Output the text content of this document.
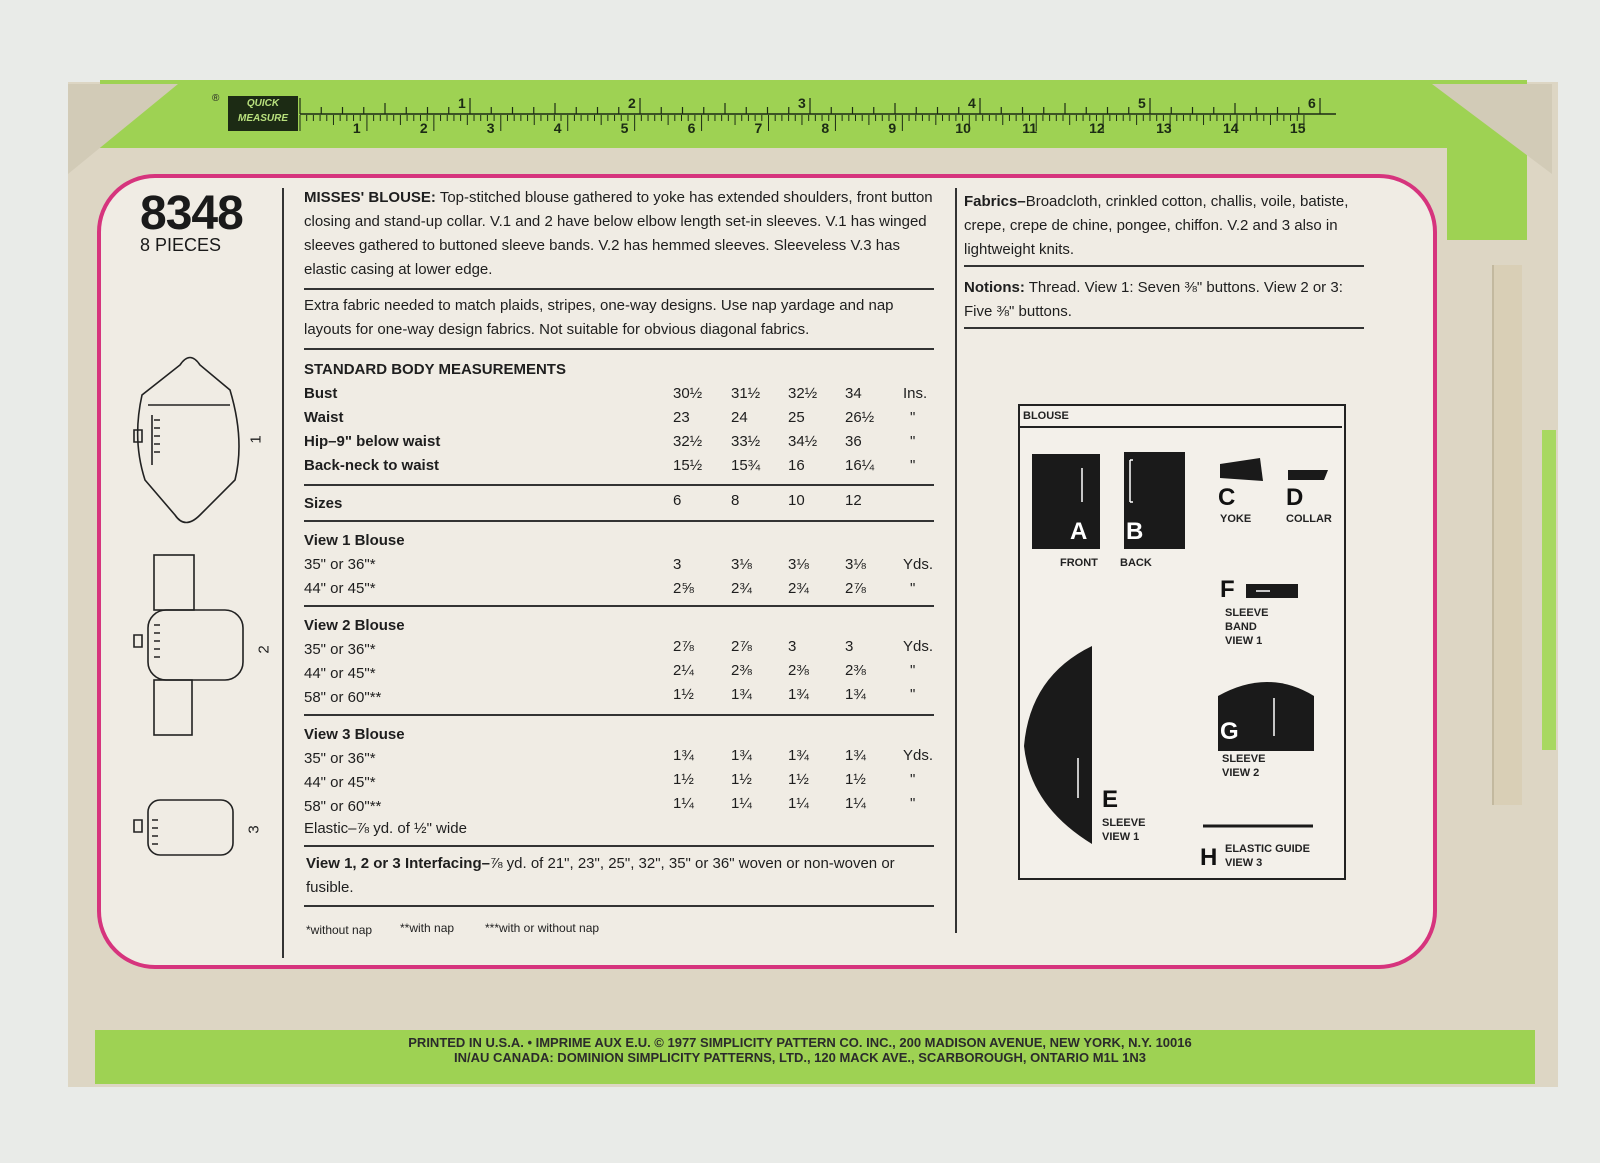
®	QUICK
MEASURE
1	2	3	4	5	6
1	2	3	4	5	6	7	8	9	10	11	12	13	14	15
8348
8 PIECES
1
2
3
MISSES' BLOUSE: Top-stitched blouse gathered to yoke has extended shoulders, front button closing and stand-up collar. V.1 and 2 have below elbow length set-in sleeves. V.1 has winged sleeves gathered to buttoned sleeve bands. V.2 has hemmed sleeves. Sleeveless V.3 has elastic casing at lower edge.
Extra fabric needed to match plaids, stripes, one-way designs. Use nap yardage and nap layouts for one-way design fabrics. Not suitable for obvious diagonal fabrics.
STANDARD BODY MEASUREMENTS
Bust	30½ 31½ 32½ 34	Ins.
Waist	23	24	25	26½ "
Hip–9" below waist	32½ 33½ 34½ 36	"
Back-neck to waist	15½ 15¾ 16	16¼ "
Sizes	6	8	10	12
View 1 Blouse
35" or 36"*	3	3⅛ 3⅛ 3⅛ Yds.
44" or 45"*	2⅝ 2¾ 2¾ 2⅞	"
View 2 Blouse
35" or 36"*	2⅞ 2⅞ 3	3	Yds.
44" or 45"*	2¼ 2⅜ 2⅜ 2⅜	"
58" or 60"**	1½ 1¾ 1¾ 1¾	"
View 3 Blouse
35" or 36"*	1¾ 1¾ 1¾ 1¾ Yds.
44" or 45"*	1½ 1½ 1½ 1½	"
58" or 60"**	1¼ 1¼ 1¼ 1¼	"
Elastic–⅞ yd. of ½" wide
View 1, 2 or 3 Interfacing–⅞ yd. of 21", 23", 25", 32", 35" or 36" woven or non-woven or fusible.
*without nap **with nap	***with or without nap
Fabrics–Broadcloth, crinkled cotton, challis, voile, batiste, crepe, crepe de chine, pongee, chiffon. V.2 and 3 also in lightweight knits.
Notions: Thread. View 1: Seven ⅜" buttons. View 2 or 3: Five ⅜" buttons.
BLOUSE
A
FRONT
B
BACK
C
YOKE
D
COLLAR
F
SLEEVE
BAND
VIEW 1
E
SLEEVE
VIEW 1
G
SLEEVE
VIEW 2
H ELASTIC GUIDE
VIEW 3
PRINTED IN U.S.A. • IMPRIME AUX E.U. © 1977 SIMPLICITY PATTERN CO. INC., 200 MADISON AVENUE, NEW YORK, N.Y. 10016
IN/AU CANADA: DOMINION SIMPLICITY PATTERNS, LTD., 120 MACK AVE., SCARBOROUGH, ONTARIO M1L 1N3
